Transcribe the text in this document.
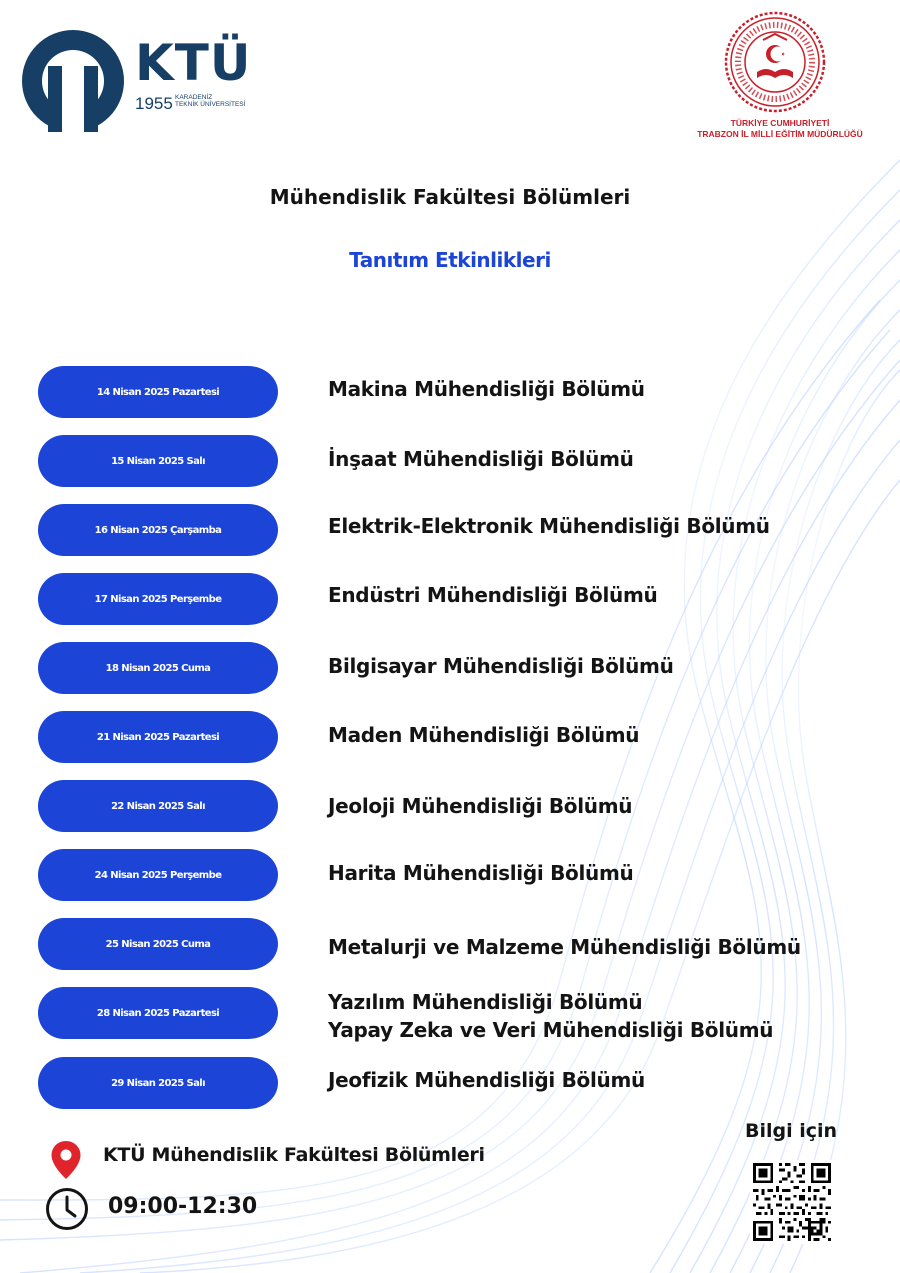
KTÜ
1955 KARADENİZ
TEKNİK ÜNİVERSİTESİ
TÜRKİYE CUMHURİYETİ
TRABZON İL MİLLİ EĞİTİM MÜDÜRLÜĞÜ
Mühendislik Fakültesi Bölümleri
Tanıtım Etkinlikleri
14 Nisan 2025 Pazartesi	Makina Mühendisliği Bölümü
15 Nisan 2025 Salı	İnşaat Mühendisliği Bölümü
16 Nisan 2025 Çarşamba	Elektrik-Elektronik Mühendisliği Bölümü
17 Nisan 2025 Perşembe	Endüstri Mühendisliği Bölümü
18 Nisan 2025 Cuma	Bilgisayar Mühendisliği Bölümü
21 Nisan 2025 Pazartesi	Maden Mühendisliği Bölümü
22 Nisan 2025 Salı	Jeoloji Mühendisliği Bölümü
24 Nisan 2025 Perşembe	Harita Mühendisliği Bölümü
25 Nisan 2025 Cuma	Metalurji ve Malzeme Mühendisliği Bölümü
28 Nisan 2025 Pazartesi	Yazılım Mühendisliği Bölümü
Yapay Zeka ve Veri Mühendisliği Bölümü
29 Nisan 2025 Salı	Jeofizik Mühendisliği Bölümü
KTÜ Mühendislik Fakültesi Bölümleri
09:00-12:30
Bilgi için
